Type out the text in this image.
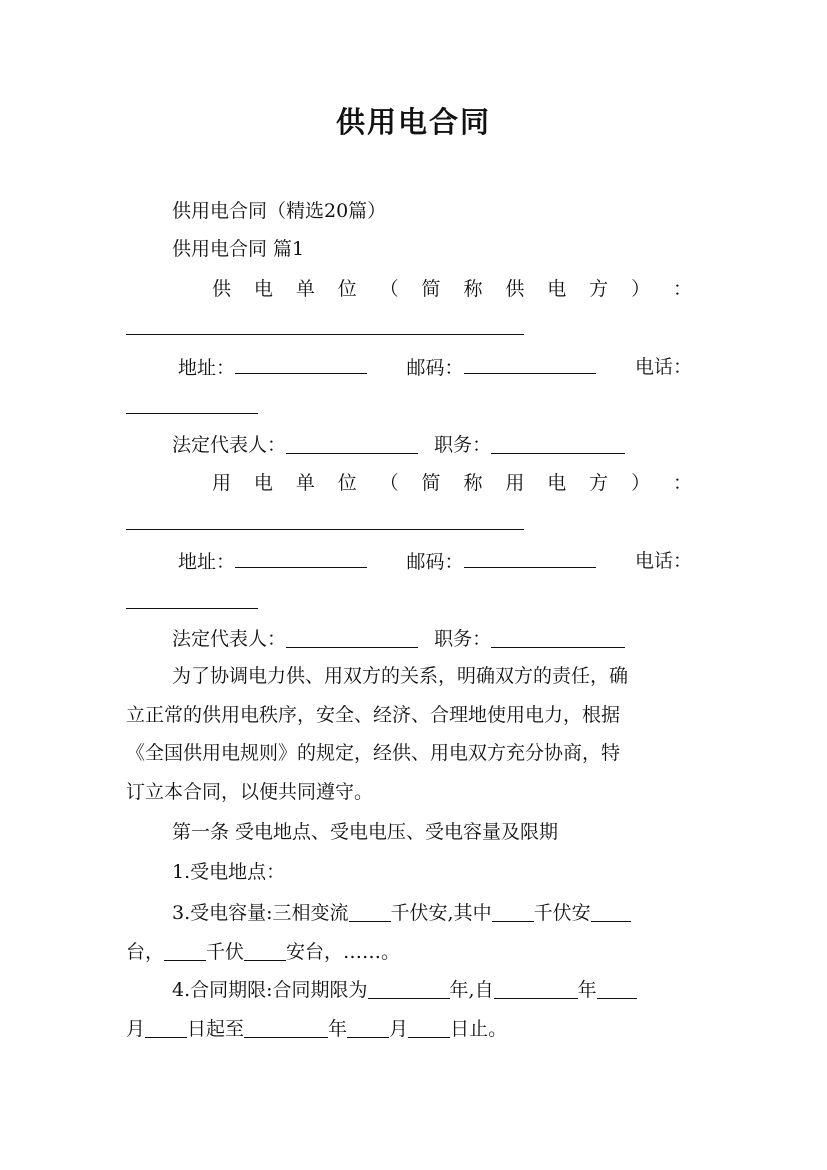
供用电合同
供用电合同（精选20篇）
供用电合同 篇1
供 电 单 位 （ 简 称 供 电 方 ） ：
地址：	邮码：	电话：
法定代表人：	职务：
用 电 单 位 （ 简 称 用 电 方 ） ：
地址：	邮码：	电话：
法定代表人：	职务：
为了协调电力供、用双方的关系，明确双方的责任，确
立正常的供用电秩序，安全、经济、合理地使用电力，根据
《全国供用电规则》的规定，经供、用电双方充分协商，特
订立本合同，以便共同遵守。
第一条 受电地点、受电电压、受电容量及限期
1.受电地点：
3.受电容量:三相变流 千伏安,其中 千伏安
台， 千伏 安台，……。
4.合同期限:合同期限为	年,自	年
月 日起至	年 月 日止。
